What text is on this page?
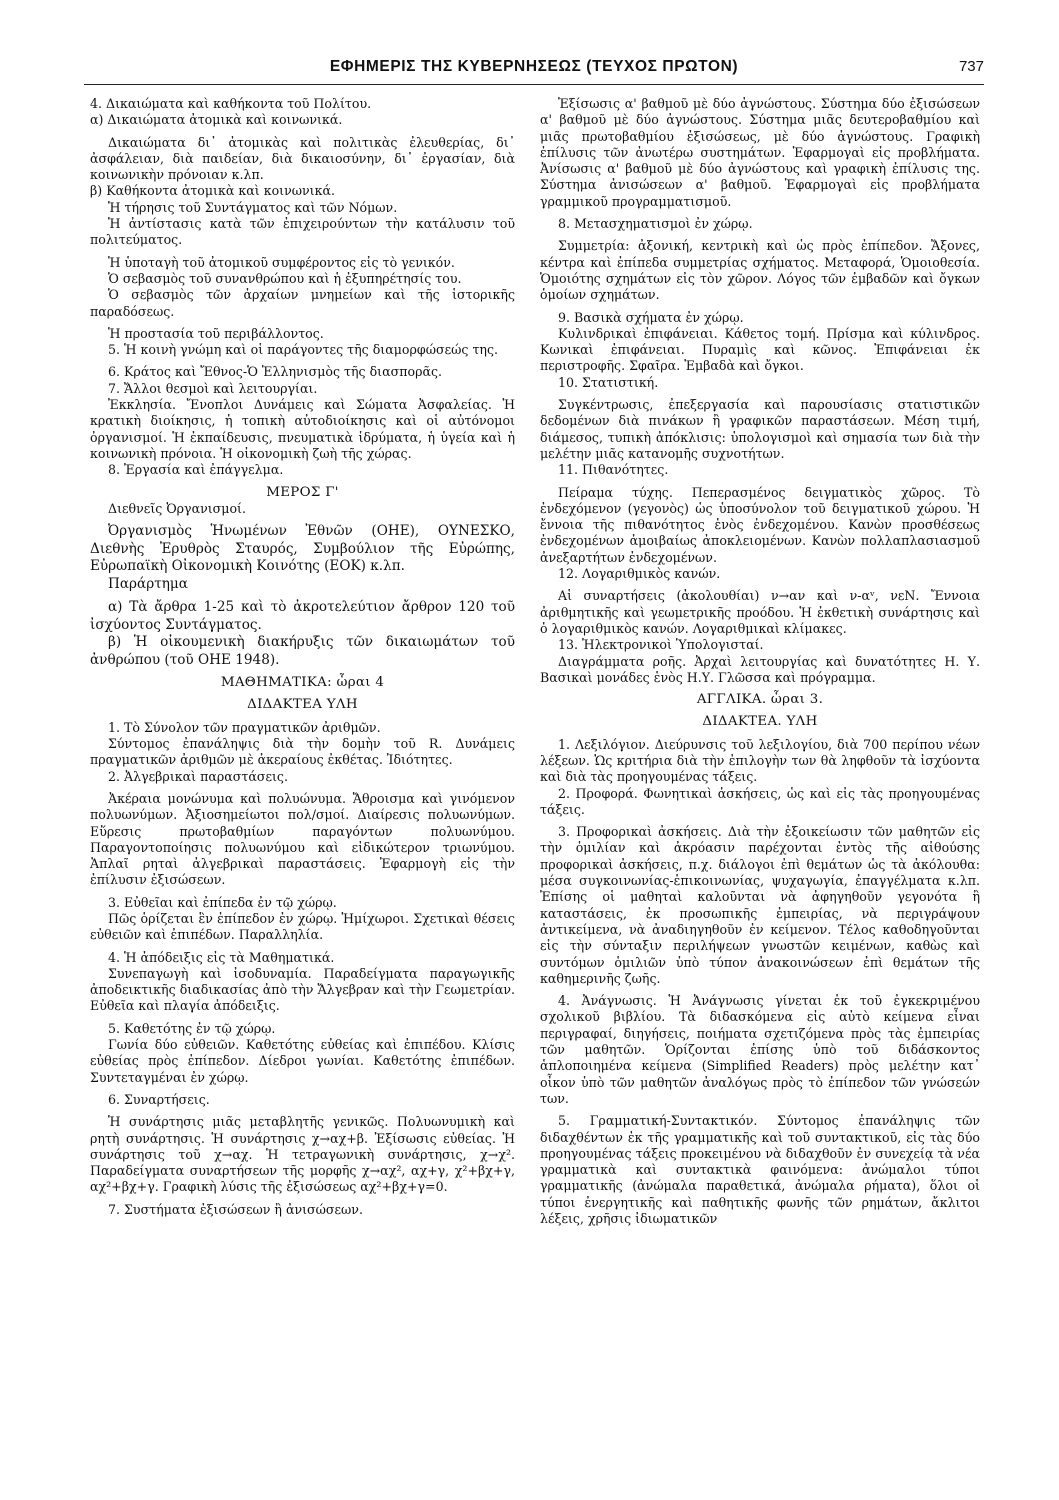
ΕΦΗΜΕΡΙΣ ΤΗΣ ΚΥΒΕΡΝΗΣΕΩΣ (ΤΕΥΧΟΣ ΠΡΩΤΟΝ)	737

4. Δικαιώματα καὶ καθήκοντα τοῦ Πολίτου.

α) Δικαιώματα ἀτομικὰ καὶ κοινωνικά.

Δικαιώματα δι᾽ ἀτομικὰς καὶ πολιτικὰς ἐλευθερίας, δι᾽ ἀσφάλειαν, διὰ παιδείαν, διὰ δικαιοσύνην, δι᾽ ἐργασίαν, διὰ κοινωνικὴν πρόνοιαν κ.λπ.

β) Καθήκοντα ἀτομικὰ καὶ κοινωνικά.

Ἡ τήρησις τοῦ Συντάγματος καὶ τῶν Νόμων.

Ἡ ἀντίστασις κατὰ τῶν ἐπιχειρούντων τὴν κατάλυσιν τοῦ πολιτεύματος.

Ἡ ὑποταγὴ τοῦ ἀτομικοῦ συμφέροντος εἰς τὸ γενικόν.

Ὁ σεβασμὸς τοῦ συνανθρώπου καὶ ἡ ἐξυπηρέτησίς του.

Ὁ σεβασμὸς τῶν ἀρχαίων μνημείων καὶ τῆς ἱστορικῆς παραδόσεως.

Ἡ προστασία τοῦ περιβάλλοντος.

5. Ἡ κοινὴ γνώμη καὶ οἱ παράγοντες τῆς διαμορφώσεώς της.

6. Κράτος καὶ Ἔθνος-Ὁ Ἑλληνισμὸς τῆς διασπορᾶς.

7. Ἄλλοι θεσμοὶ καὶ λειτουργίαι.

Ἐκκλησία. Ἔνοπλοι Δυνάμεις καὶ Σώματα Ἀσφαλείας. Ἡ κρατικὴ διοίκησις, ἡ τοπικὴ αὐτοδιοίκησις καὶ οἱ αὐτόνομοι ὀργανισμοί. Ἡ ἐκπαίδευσις, πνευματικὰ ἱδρύματα, ἡ ὑγεία καὶ ἡ κοινωνικὴ πρόνοια. Ἡ οἰκονομικὴ ζωὴ τῆς χώρας.

8. Ἐργασία καὶ ἐπάγγελμα.

ΜΕΡΟΣ Γ'

Διεθνεῖς Ὀργανισμοί.

Ὀργανισμὸς Ἡνωμένων Ἐθνῶν (ΟΗΕ), ΟΥΝΕΣΚΟ, Διεθνὴς Ἐρυθρὸς Σταυρός, Συμβούλιον τῆς Εὐρώπης, Εὐρωπαϊκὴ Οἰκονομικὴ Κοινότης (ΕΟΚ) κ.λπ.

Παράρτημα

α) Τὰ ἄρθρα 1-25 καὶ τὸ ἀκροτελεύτιον ἄρθρον 120 τοῦ ἰσχύοντος Συντάγματος.

β) Ἡ οἰκουμενικὴ διακήρυξις τῶν δικαιωμάτων τοῦ ἀνθρώπου (τοῦ ΟΗΕ 1948).

ΜΑΘΗΜΑΤΙΚΑ: ὧραι 4
ΔΙΔΑΚΤΕΑ ΥΛΗ

1. Τὸ Σύνολον τῶν πραγματικῶν ἀριθμῶν.

Σύντομος ἐπανάληψις διὰ τὴν δομὴν τοῦ R. Δυνάμεις πραγματικῶν ἀριθμῶν μὲ ἀκεραίους ἐκθέτας. Ἰδιότητες.

2. Ἀλγεβρικαὶ παραστάσεις.

Ἀκέραια μονώνυμα καὶ πολυώνυμα. Ἄθροισμα καὶ γινόμενον πολυωνύμων. Ἀξιοσημείωτοι πολ/σμοί. Διαίρεσις πολυωνύμων. Εὕρεσις πρωτοβαθμίων παραγόντων πολυωνύμου. Παραγοντοποίησις πολυωνύμου καὶ εἰδικώτερον τριωνύμου. Ἁπλαῖ ρηταὶ ἀλγεβρικαὶ παραστάσεις. Ἐφαρμογὴ εἰς τὴν ἐπίλυσιν ἐξισώσεων.

3. Εὐθεῖαι καὶ ἐπίπεδα ἐν τῷ χώρῳ.

Πῶς ὁρίζεται ἓν ἐπίπεδον ἐν χώρῳ. Ἡμίχωροι. Σχετικαὶ θέσεις εὐθειῶν καὶ ἐπιπέδων. Παραλληλία.

4. Ἡ ἀπόδειξις εἰς τὰ Μαθηματικά.

Συνεπαγωγὴ καὶ ἰσοδυναμία. Παραδείγματα παραγωγικῆς ἀποδεικτικῆς διαδικασίας ἀπὸ τὴν Ἄλγεβραν καὶ τὴν Γεωμετρίαν. Εὐθεῖα καὶ πλαγία ἀπόδειξις.

5. Καθετότης ἐν τῷ χώρῳ.

Γωνία δύο εὐθειῶν. Καθετότης εὐθείας καὶ ἐπιπέδου. Κλίσις εὐθείας πρὸς ἐπίπεδον. Δίεδροι γωνίαι. Καθετότης ἐπιπέδων. Συντεταγμέναι ἐν χώρῳ.

6. Συναρτήσεις.

Ἡ συνάρτησις μιᾶς μεταβλητῆς γενικῶς. Πολυωνυμικὴ καὶ ρητὴ συνάρτησις. Ἡ συνάρτησις χ→αχ+β. Ἐξίσωσις εὐθείας. Ἡ συνάρτησις τοῦ χ→αχ. Ἡ τετραγωνικὴ συνάρτησις, χ→χ². Παραδείγματα συναρτήσεων τῆς μορφῆς χ→αχ², αχ+γ, χ²+βχ+γ, αχ²+βχ+γ. Γραφικὴ λύσις τῆς ἐξισώσεως αχ²+βχ+γ=0.

7. Συστήματα ἐξισώσεων ἢ ἀνισώσεων.

Ἐξίσωσις α' βαθμοῦ μὲ δύο ἀγνώστους. Σύστημα δύο ἐξισώσεων α' βαθμοῦ μὲ δύο ἀγνώστους. Σύστημα μιᾶς δευτεροβαθμίου καὶ μιᾶς πρωτοβαθμίου ἐξισώσεως, μὲ δύο ἀγνώστους. Γραφικὴ ἐπίλυσις τῶν ἀνωτέρω συστημάτων. Ἐφαρμογαὶ εἰς προβλήματα. Ἀνίσωσις α' βαθμοῦ μὲ δύο ἀγνώστους καὶ γραφικὴ ἐπίλυσις της. Σύστημα ἀνισώσεων α' βαθμοῦ. Ἐφαρμογαὶ εἰς προβλήματα γραμμικοῦ προγραμματισμοῦ.

8. Μετασχηματισμοὶ ἐν χώρῳ.

Συμμετρία: ἀξονική, κεντρικὴ καὶ ὡς πρὸς ἐπίπεδον. Ἄξονες, κέντρα καὶ ἐπίπεδα συμμετρίας σχήματος. Μεταφορά, Ὁμοιοθεσία. Ὁμοιότης σχημάτων εἰς τὸν χῶρον. Λόγος τῶν ἐμβαδῶν καὶ ὄγκων ὁμοίων σχημάτων.

9. Βασικὰ σχήματα ἐν χώρῳ.

Κυλινδρικαὶ ἐπιφάνειαι. Κάθετος τομή. Πρίσμα καὶ κύλινδρος. Κωνικαὶ ἐπιφάνειαι. Πυραμὶς καὶ κῶνος. Ἐπιφάνειαι ἐκ περιστροφῆς. Σφαῖρα. Ἐμβαδὰ καὶ ὄγκοι.

10. Στατιστική.

Συγκέντρωσις, ἐπεξεργασία καὶ παρουσίασις στατιστικῶν δεδομένων διὰ πινάκων ἢ γραφικῶν παραστάσεων. Μέση τιμή, διάμεσος, τυπικὴ ἀπόκλισις: ὑπολογισμοὶ καὶ σημασία των διὰ τὴν μελέτην μιᾶς κατανομῆς συχνοτήτων.

11. Πιθανότητες.

Πείραμα τύχης. Πεπερασμένος δειγματικὸς χῶρος. Τὸ ἐνδεχόμενον (γεγονὸς) ὡς ὑποσύνολον τοῦ δειγματικοῦ χώρου. Ἡ ἔννοια τῆς πιθανότητος ἑνὸς ἐνδεχομένου. Κανὼν προσθέσεως ἐνδεχομένων ἀμοιβαίως ἀποκλειομένων. Κανὼν πολλαπλασιασμοῦ ἀνεξαρτήτων ἐνδεχομένων.

12. Λογαριθμικὸς κανών.

Αἱ συναρτήσεις (ἀκολουθίαι) ν→αν καὶ ν-αᵛ, νεΝ. Ἔννοια ἀριθμητικῆς καὶ γεωμετρικῆς προόδου. Ἡ ἐκθετικὴ συνάρτησις καὶ ὁ λογαριθμικὸς κανών. Λογαριθμικαὶ κλίμακες.

13. Ἠλεκτρονικοὶ Ὑπολογισταί.

Διαγράμματα ροῆς. Ἀρχαὶ λειτουργίας καὶ δυνατότητες Η. Υ. Βασικαὶ μονάδες ἑνὸς Η.Υ. Γλῶσσα καὶ πρόγραμμα.

ΑΓΓΛΙΚΑ. ὧραι 3.
ΔΙΔΑΚΤΕΑ. ΥΛΗ

1. Λεξιλόγιον. Διεύρυνσις τοῦ λεξιλογίου, διὰ 700 περίπου νέων λέξεων. Ὡς κριτήρια διὰ τὴν ἐπιλογὴν των θὰ ληφθοῦν τὰ ἰσχύοντα καὶ διὰ τὰς προηγουμένας τάξεις.

2. Προφορά. Φωνητικαὶ ἀσκήσεις, ὡς καὶ εἰς τὰς προηγουμένας τάξεις.

3. Προφορικαὶ ἀσκήσεις. Διὰ τὴν ἐξοικείωσιν τῶν μαθητῶν εἰς τὴν ὁμιλίαν καὶ ἀκρόασιν παρέχονται ἐντὸς τῆς αἰθούσης προφορικαὶ ἀσκήσεις, π.χ. διάλογοι ἐπὶ θεμάτων ὡς τὰ ἀκόλουθα: μέσα συγκοινωνίας-ἐπικοινωνίας, ψυχαγωγία, ἐπαγγέλματα κ.λπ. Ἐπίσης οἱ μαθηταὶ καλοῦνται νὰ ἀφηγηθοῦν γεγονότα ἢ καταστάσεις, ἐκ προσωπικῆς ἐμπειρίας, νὰ περιγράψουν ἀντικείμενα, νὰ ἀναδιηγηθοῦν ἐν κείμενον. Τέλος καθοδηγοῦνται εἰς τὴν σύνταξιν περιλήψεων γνωστῶν κειμένων, καθὼς καὶ συντόμων ὁμιλιῶν ὑπὸ τύπον ἀνακοινώσεων ἐπὶ θεμάτων τῆς καθημερινῆς ζωῆς.

4. Ἀνάγνωσις. Ἡ Ἀνάγνωσις γίνεται ἐκ τοῦ ἐγκεκριμένου σχολικοῦ βιβλίου. Τὰ διδασκόμενα εἰς αὐτὸ κείμενα εἶναι περιγραφαί, διηγήσεις, ποιήματα σχετιζόμενα πρὸς τὰς ἐμπειρίας τῶν μαθητῶν. Ὁρίζονται ἐπίσης ὑπὸ τοῦ διδάσκοντος ἁπλοποιημένα κείμενα (Simplified Readers) πρὸς μελέτην κατ᾽ οἶκον ὑπὸ τῶν μαθητῶν ἀναλόγως πρὸς τὸ ἐπίπεδον τῶν γνώσεών των.

5. Γραμματική-Συντακτικόν. Σύντομος ἐπανάληψις τῶν διδαχθέντων ἐκ τῆς γραμματικῆς καὶ τοῦ συντακτικοῦ, εἰς τὰς δύο προηγουμένας τάξεις προκειμένου νὰ διδαχθοῦν ἐν συνεχείᾳ τὰ νέα γραμματικὰ καὶ συντακτικὰ φαινόμενα: ἀνώμαλοι τύποι γραμματικῆς (ἀνώμαλα παραθετικά, ἀνώμαλα ρήματα), ὅλοι οἱ τύποι ἐνεργητικῆς καὶ παθητικῆς φωνῆς τῶν ρημάτων, ἄκλιτοι λέξεις, χρῆσις ἰδιωματικῶν
